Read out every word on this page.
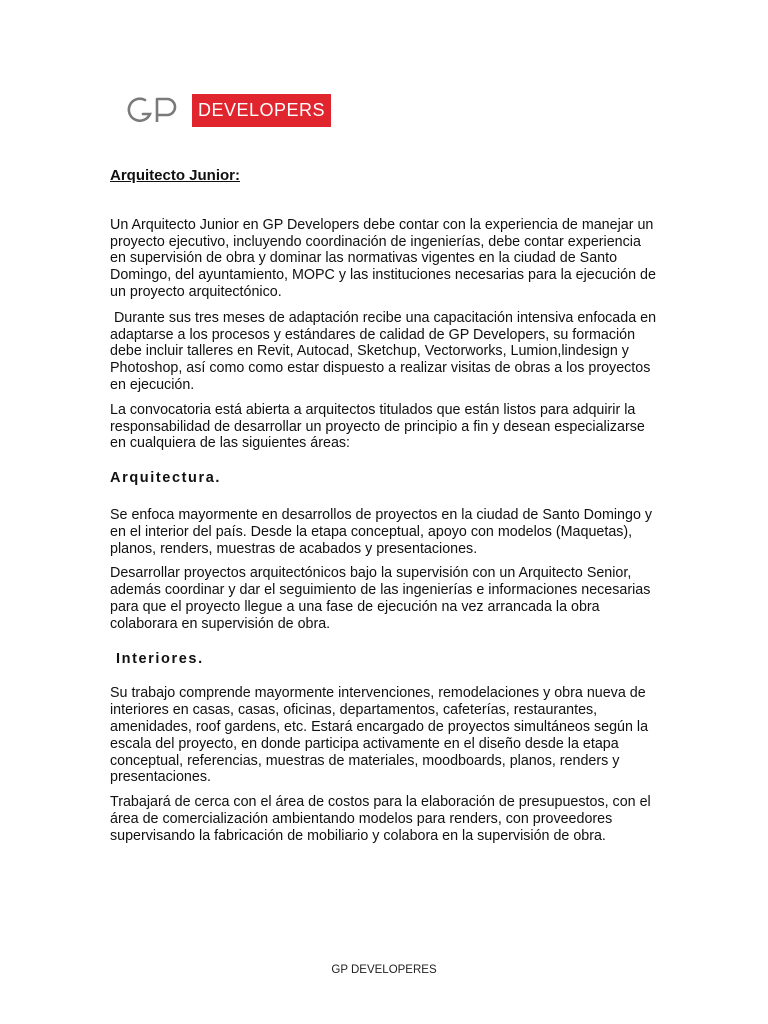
DEVELOPERS
Arquitecto Junior:

Un Arquitecto Junior en GP Developers debe contar con la experiencia de manejar un proyecto ejecutivo, incluyendo coordinación de ingenierías, debe contar experiencia en supervisión de obra y dominar las normativas vigentes en la ciudad de Santo Domingo, del ayuntamiento, MOPC y las instituciones necesarias para la ejecución de un proyecto arquitectónico.

Durante sus tres meses de adaptación recibe una capacitación intensiva enfocada en adaptarse a los procesos y estándares de calidad de GP Developers, su formación debe incluir talleres en Revit, Autocad, Sketchup, Vectorworks, Lumion,lindesign y Photoshop, así como como estar dispuesto a realizar visitas de obras a los proyectos en ejecución.

La convocatoria está abierta a arquitectos titulados que están listos para adquirir la responsabilidad de desarrollar un proyecto de principio a fin y desean especializarse en cualquiera de las siguientes áreas:

Arquitectura.

Se enfoca mayormente en desarrollos de proyectos en la ciudad de Santo Domingo y en el interior del país. Desde la etapa conceptual, apoyo con modelos (Maquetas), planos, renders, muestras de acabados y presentaciones.

Desarrollar proyectos arquitectónicos bajo la supervisión con un Arquitecto Senior, además coordinar y dar el seguimiento de las ingenierías e informaciones necesarias para que el proyecto llegue a una fase de ejecución na vez arrancada la obra colaborara en supervisión de obra.

Interiores.

Su trabajo comprende mayormente intervenciones, remodelaciones y obra nueva de interiores en casas, casas, oficinas, departamentos, cafeterías, restaurantes, amenidades, roof gardens, etc. Estará encargado de proyectos simultáneos según la escala del proyecto, en donde participa activamente en el diseño desde la etapa conceptual, referencias, muestras de materiales, moodboards, planos, renders y presentaciones.

Trabajará de cerca con el área de costos para la elaboración de presupuestos, con el área de comercialización ambientando modelos para renders, con proveedores supervisando la fabricación de mobiliario y colabora en la supervisión de obra.

GP DEVELOPERES
